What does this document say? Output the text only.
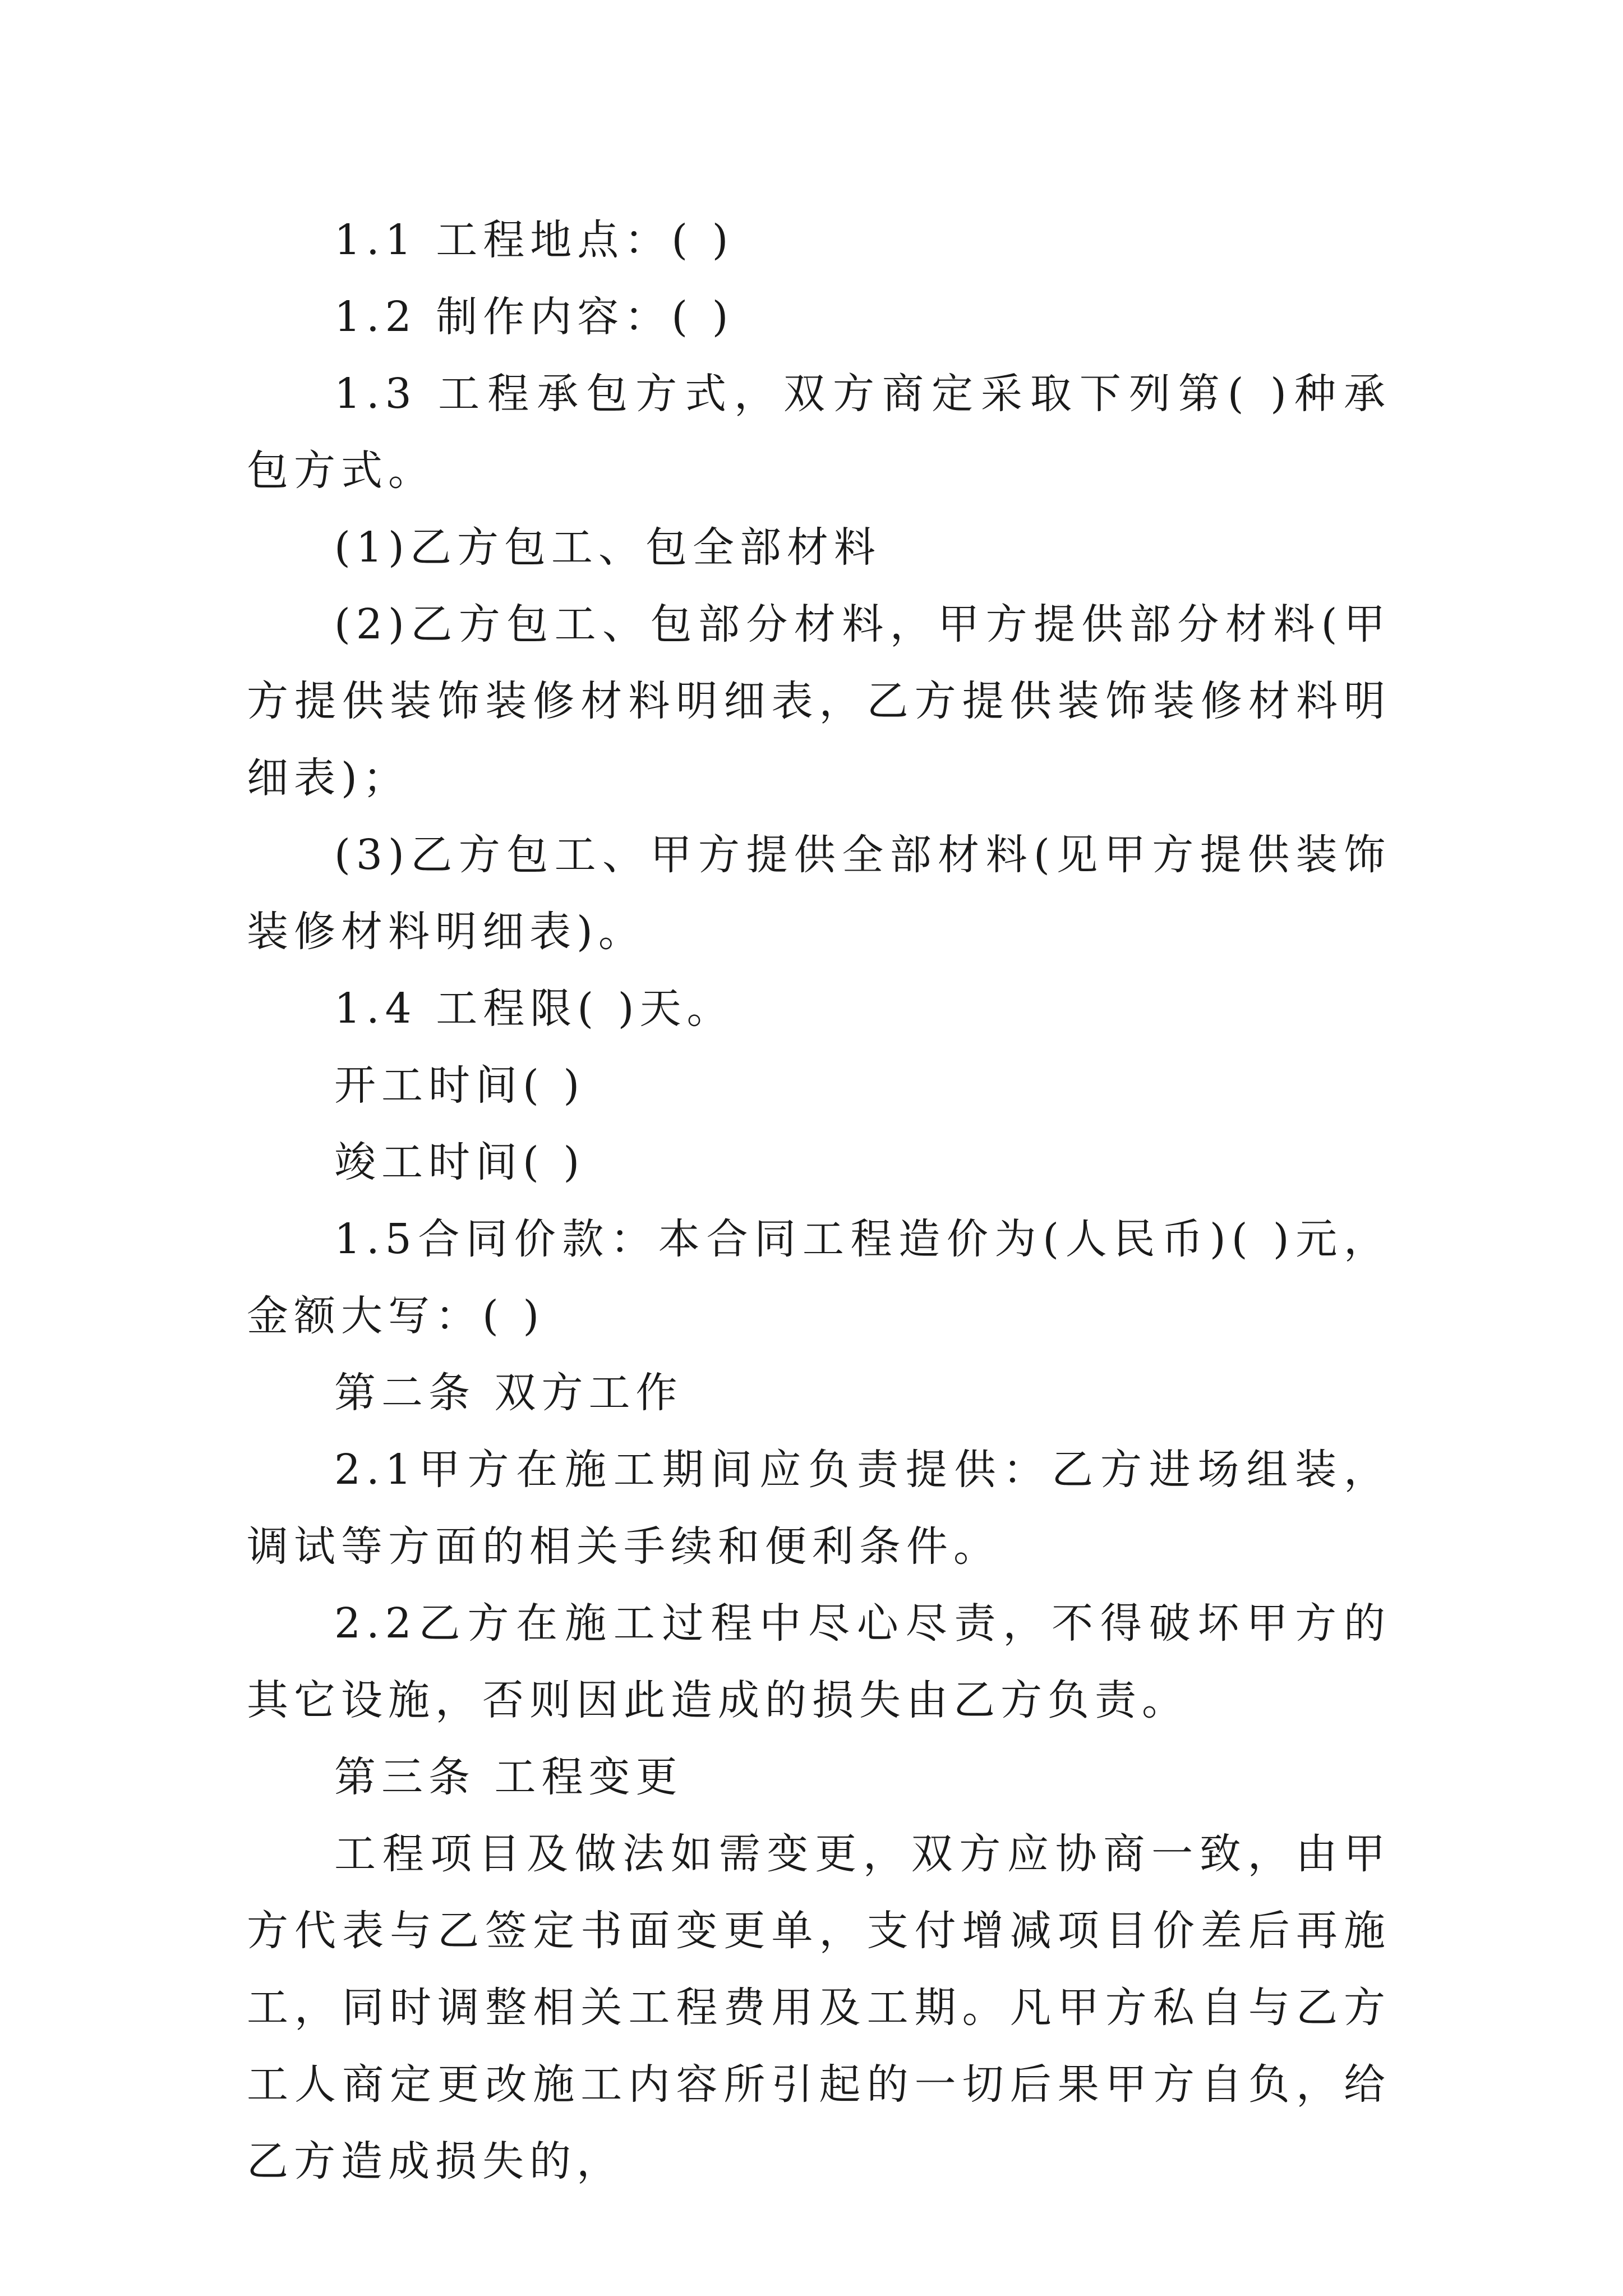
1.1 工程地点：( )

1.2 制作内容：( )

1.3 工程承包方式，双方商定采取下列第( )种承包方式。

(1)乙方包工、包全部材料

(2)乙方包工、包部分材料，甲方提供部分材料(甲方提供装饰装修材料明细表，乙方提供装饰装修材料明细表)；

(3)乙方包工、甲方提供全部材料(见甲方提供装饰装修材料明细表)。

1.4 工程限( )天。

开工时间( )

竣工时间( )

1.5合同价款：本合同工程造价为(人民币)( )元， 金额大写：( )

第二条 双方工作

2.1甲方在施工期间应负责提供：乙方进场组装，调试等方面的相关手续和便利条件。

2.2乙方在施工过程中尽心尽责，不得破坏甲方的其它设施，否则因此造成的损失由乙方负责。

第三条 工程变更

工程项目及做法如需变更，双方应协商一致，由甲方代表与乙签定书面变更单，支付增减项目价差后再施工，同时调整相关工程费用及工期。凡甲方私自与乙方工人商定更改施工内容所引起的一切后果甲方自负，给乙方造成损失的，
